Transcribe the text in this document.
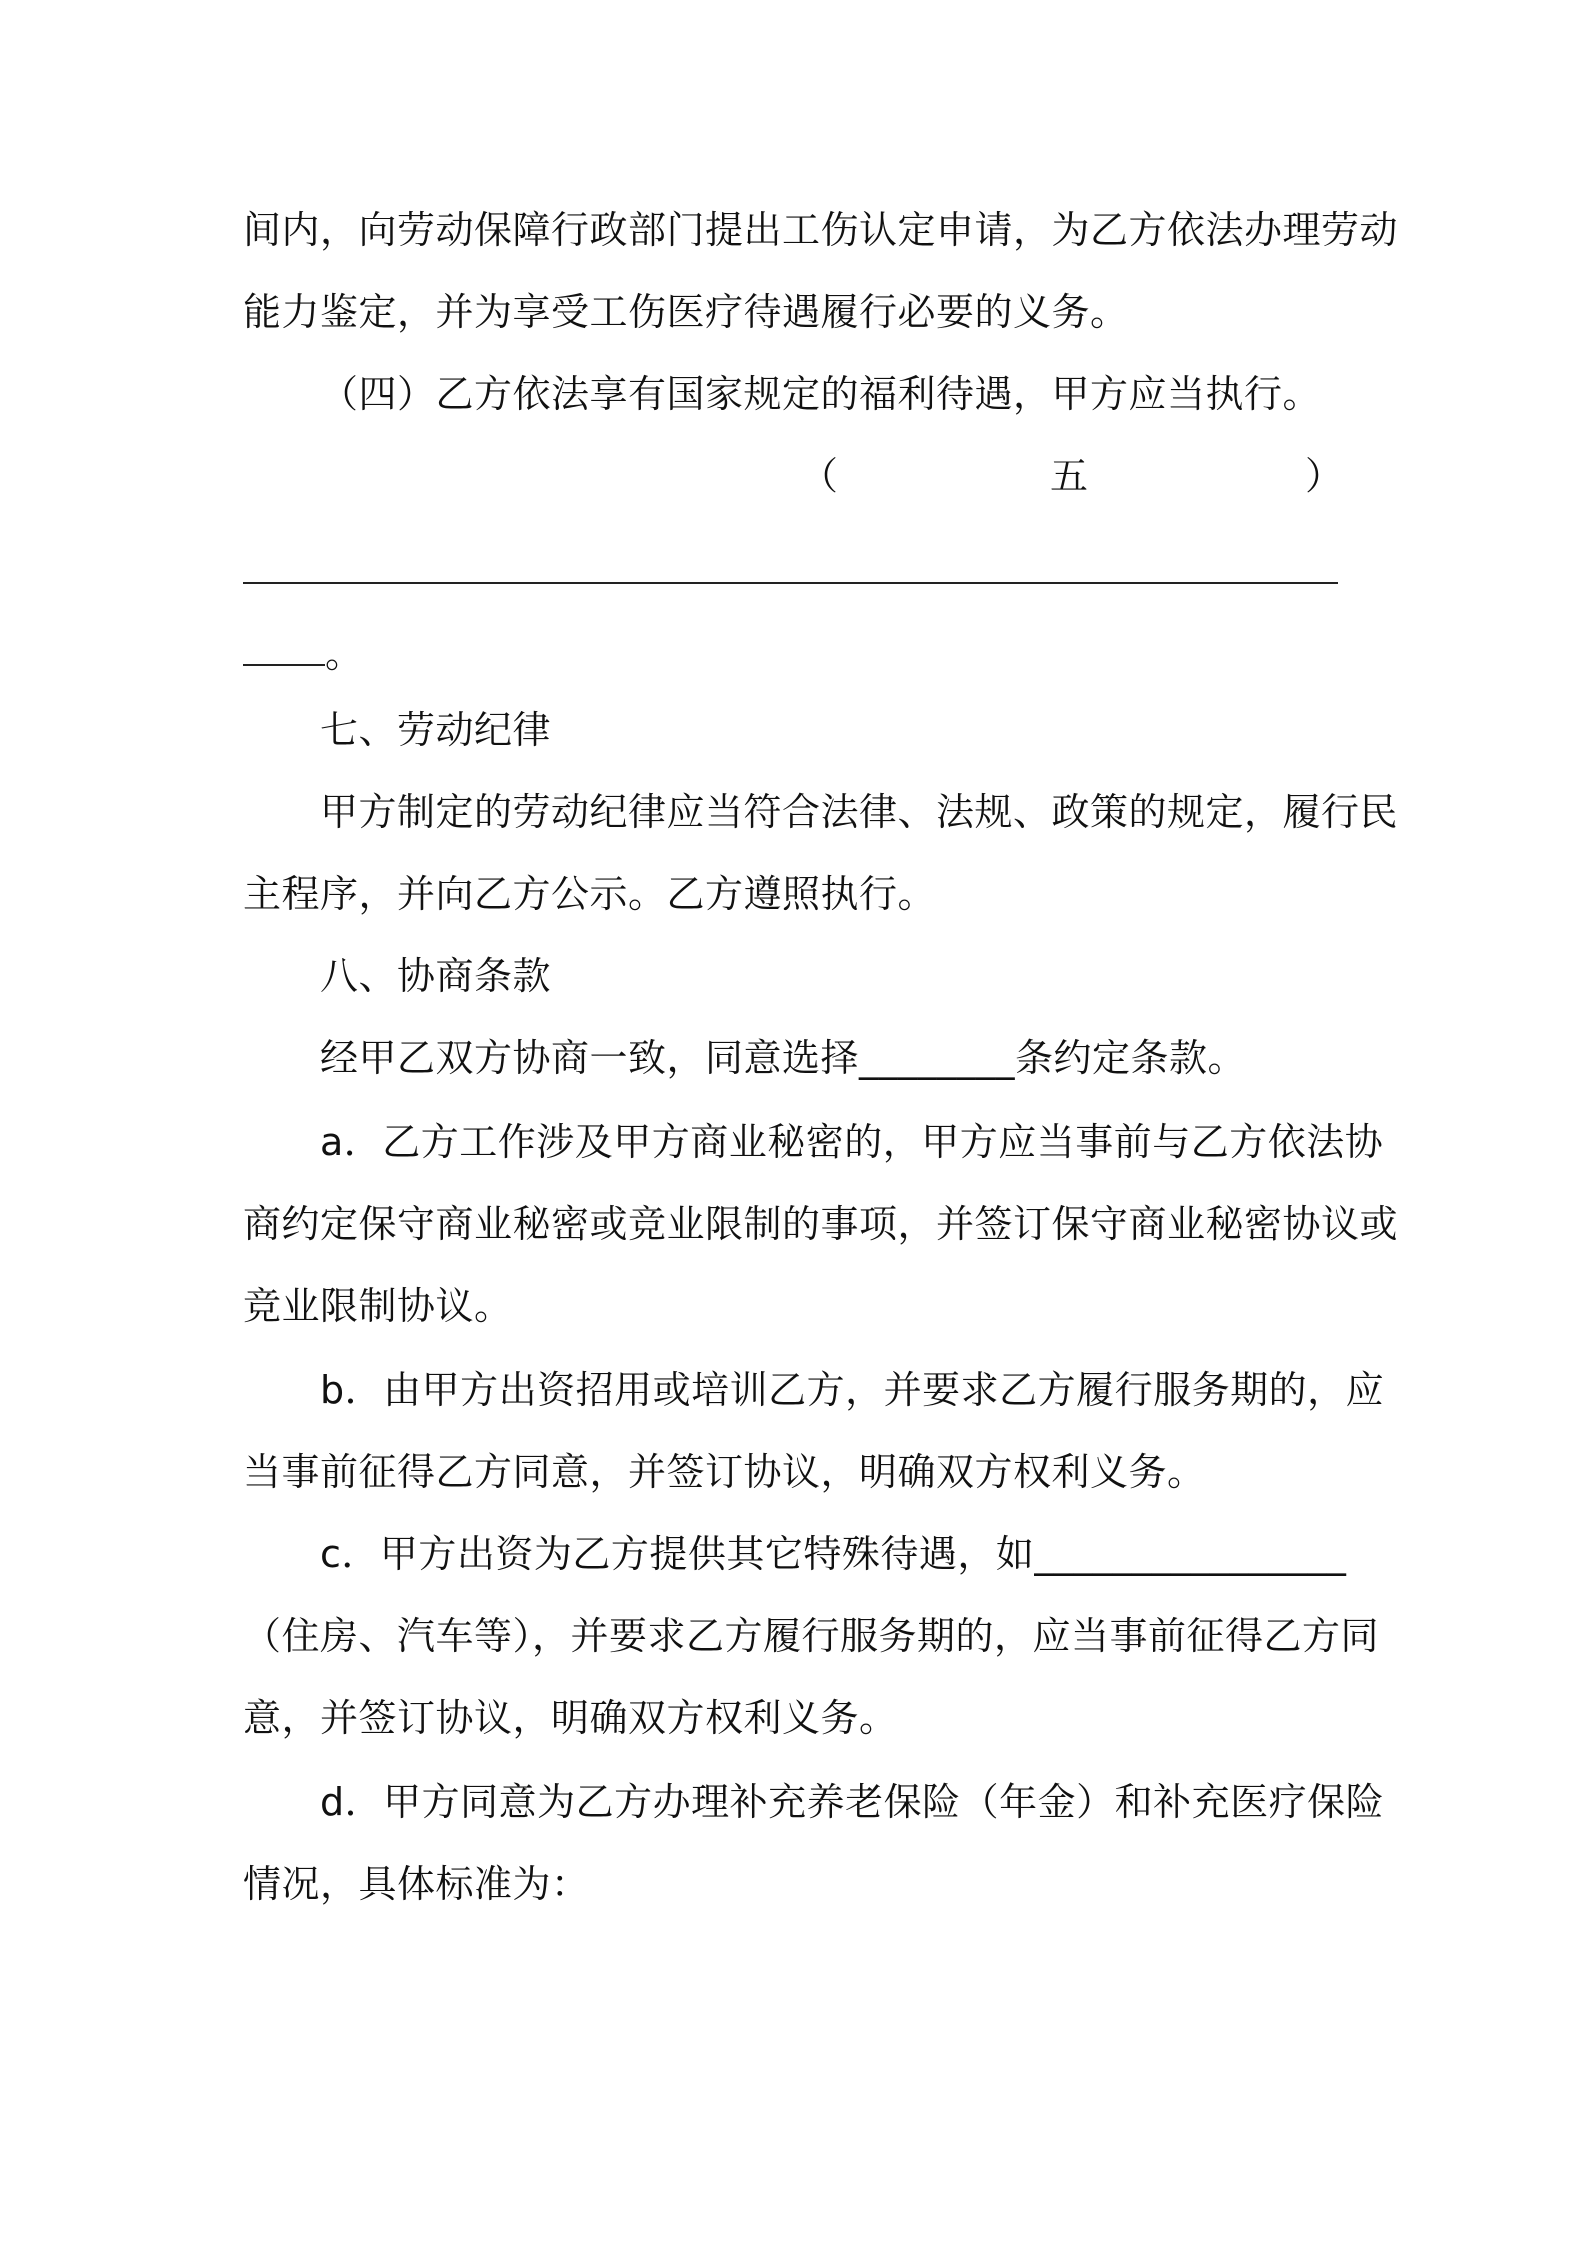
间内，向劳动保障行政部门提出工伤认定申请，为乙方依法办理劳动
能力鉴定，并为享受工伤医疗待遇履行必要的义务。
（四）乙方依法享有国家规定的福利待遇，甲方应当执行。
（	五	）
。
七、劳动纪律
甲方制定的劳动纪律应当符合法律、法规、政策的规定，履行民
主程序，并向乙方公示。乙方遵照执行。
八、协商条款
经甲乙双方协商一致，同意选择________条约定条款。
a．乙方工作涉及甲方商业秘密的，甲方应当事前与乙方依法协
商约定保守商业秘密或竞业限制的事项，并签订保守商业秘密协议或
竞业限制协议。
b．由甲方出资招用或培训乙方，并要求乙方履行服务期的，应
当事前征得乙方同意，并签订协议，明确双方权利义务。
c．甲方出资为乙方提供其它特殊待遇，如________________
（住房、汽车等），并要求乙方履行服务期的，应当事前征得乙方同
意，并签订协议，明确双方权利义务。
d．甲方同意为乙方办理补充养老保险（年金）和补充医疗保险
情况，具体标准为：
